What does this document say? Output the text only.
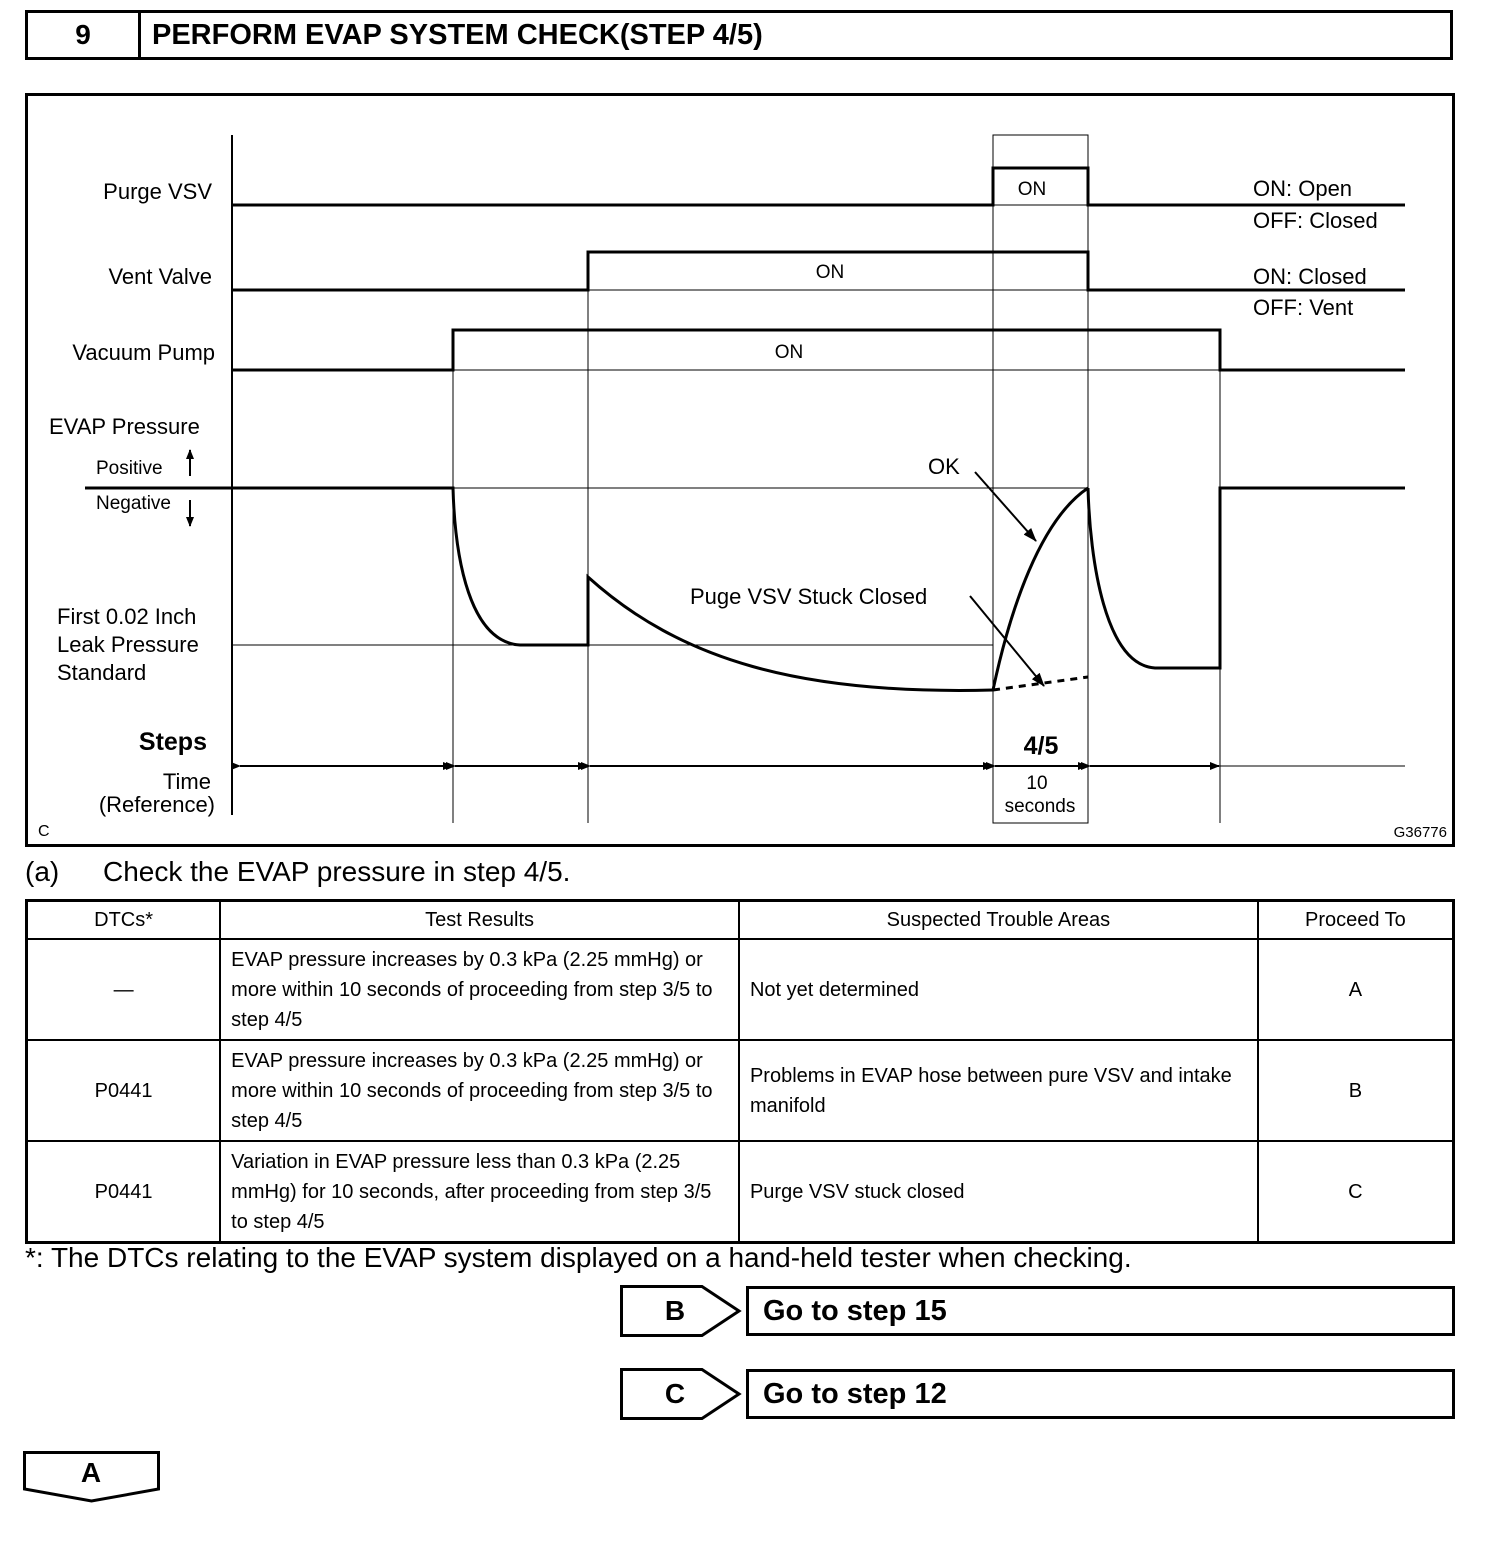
9	PERFORM EVAP SYSTEM CHECK(STEP 4/5)
Purge VSV
Vent Valve
Vacuum Pump
EVAP Pressure
Positive
Negative
First 0.02 Inch
Leak Pressure
Standard
Steps
Time
(Reference)
ON
ON
ON
ON: Open
OFF: Closed
ON: Closed
OFF: Vent
OK
Puge VSV Stuck Closed
4/5
10
seconds
C	G36776
(a) Check the EVAP pressure in step 4/5.
DTCs*	Test Results	Suspected Trouble Areas	Proceed To
—	EVAP pressure increases by 0.3 kPa (2.25 mmHg) or more within 10 seconds of proceeding from step 3/5 to step 4/5	Not yet determined	A
P0441	EVAP pressure increases by 0.3 kPa (2.25 mmHg) or more within 10 seconds of proceeding from step 3/5 to step 4/5	Problems in EVAP hose between pure VSV and intake manifold	B
P0441	Variation in EVAP pressure less than 0.3 kPa (2.25 mmHg) for 10 seconds, after proceeding from step 3/5 to step 4/5	Purge VSV stuck closed	C
*: The DTCs relating to the EVAP system displayed on a hand-held tester when checking.
B	Go to step 15
C	Go to step 12
A
